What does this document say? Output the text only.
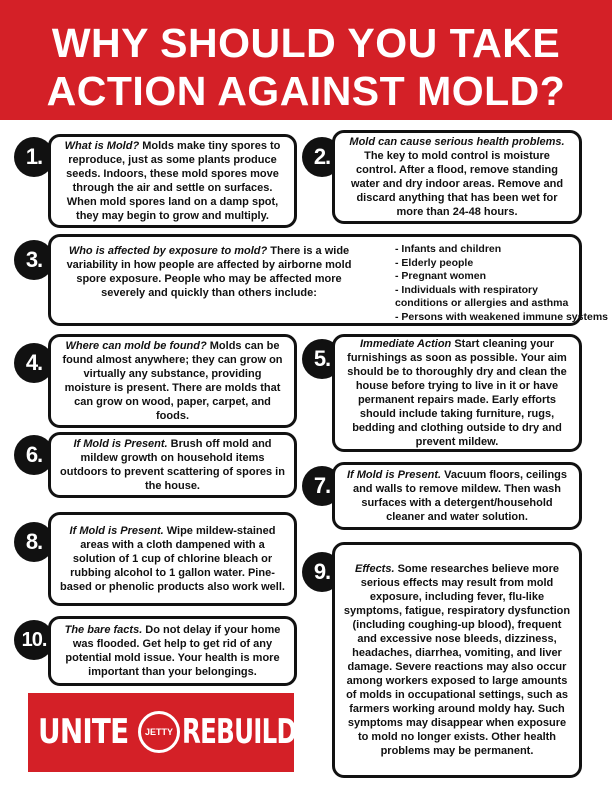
WHY SHOULD YOU TAKE
ACTION AGAINST MOLD?
1.	What is Mold? Molds make tiny spores to reproduce, just as some plants produce seeds. Indoors, these mold spores move through the air and settle on surfaces. When mold spores land on a damp spot, they may begin to grow and multiply.

2.

Mold can cause serious health problems. The key to mold control is moisture control. After a flood, remove standing water and dry indoor areas. Remove and discard anything that has been wet for more than 24-48 hours.

3.	Who is affected by exposure to mold? There is a wide variability in how people are affected by airborne mold spore exposure. People who may be affected more severely and quickly than others include:

- Infants and children
- Elderly people
- Pregnant women
- Individuals with respiratory
conditions or allergies and asthma
- Persons with weakened immune systems
4.

Where can mold be found? Molds can be found almost anywhere; they can grow on virtually any substance, providing moisture is present. There are molds that can grow on wood, paper, carpet, and foods.

5.

Immediate Action Start cleaning your furnishings as soon as possible. Your aim should be to thoroughly dry and clean the house before trying to live in it or have permanent repairs made. Early efforts should include taking furniture, rugs, bedding and clothing outside to dry and prevent mildew.

6.	If Mold is Present. Brush off mold and mildew growth on household items outdoors to prevent scattering of spores in the house.	7.	If Mold is Present. Vacuum floors, ceilings and walls to remove mildew. Then wash surfaces with a detergent/household cleaner and water solution.

8.	If Mold is Present. Wipe mildew-stained areas with a cloth dampened with a solution of 1 cup of chlorine bleach or rubbing alcohol to 1 gallon water. Pine-based or phenolic products also work well.

9.	Effects. Some researches believe more serious effects may result from mold exposure, including fever, flu-like symptoms, fatigue, respiratory dysfunction (including coughing-up blood), frequent and excessive nose bleeds, dizziness, headaches, diarrhea, vomiting, and liver damage. Severe reactions may also occur among workers exposed to large amounts of molds in occupational settings, such as farmers working around moldy hay. Such symptoms may disappear when exposure to mold no longer exists. Other health problems may be permanent.

10.	The bare facts. Do not delay if your home was flooded. Get help to get rid of any potential mold issue. Your health is more important than your belongings.

UNITE	JETTY REBUILD
